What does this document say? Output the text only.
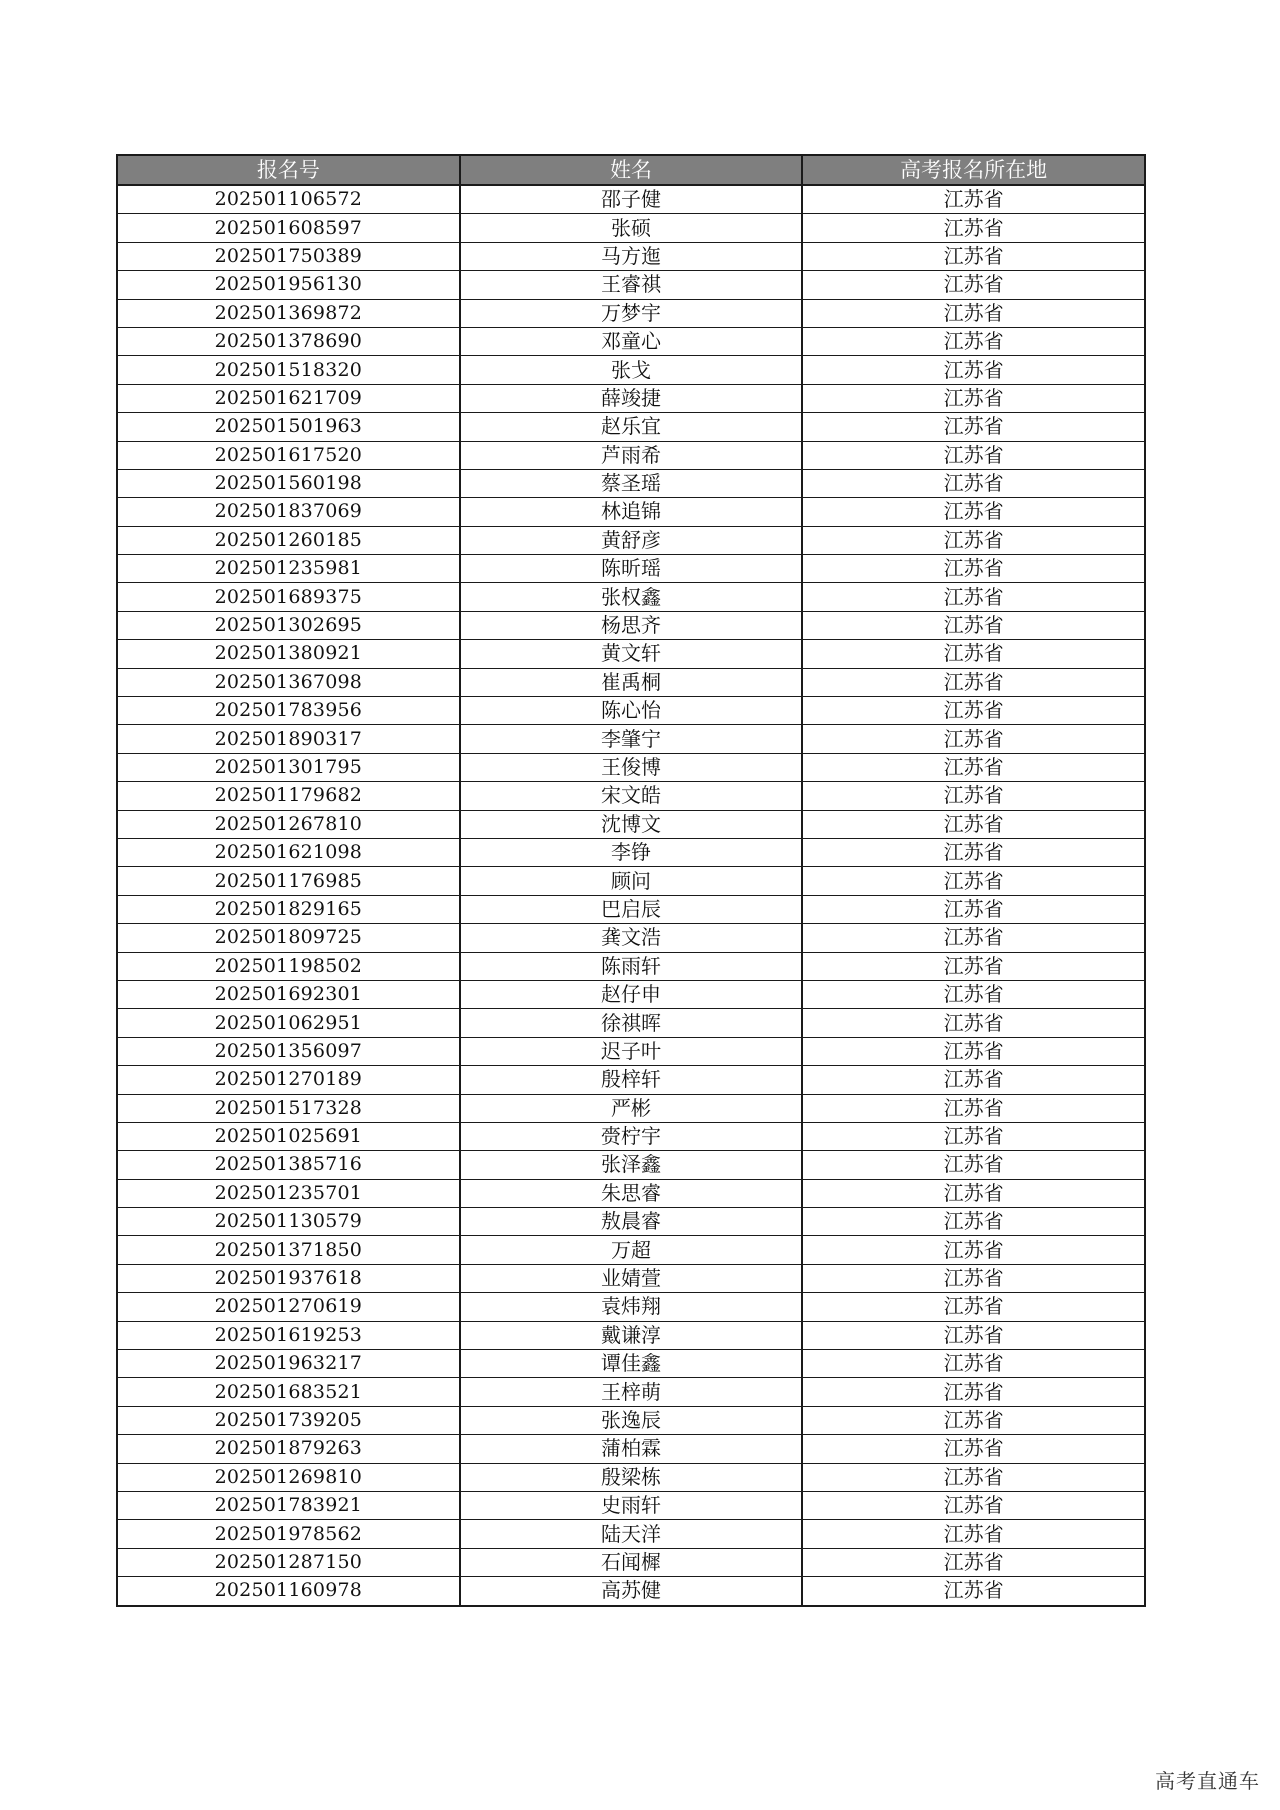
报名号	姓名	高考报名所在地
202501106572	邵子健	江苏省
202501608597	张硕	江苏省
202501750389	马方迤	江苏省
202501956130	王睿祺	江苏省
202501369872	万梦宇	江苏省
202501378690	邓童心	江苏省
202501518320	张戈	江苏省
202501621709	薛竣捷	江苏省
202501501963	赵乐宜	江苏省
202501617520	芦雨希	江苏省
202501560198	蔡圣瑶	江苏省
202501837069	林追锦	江苏省
202501260185	黄舒彦	江苏省
202501235981	陈昕瑶	江苏省
202501689375	张权鑫	江苏省
202501302695	杨思齐	江苏省
202501380921	黄文轩	江苏省
202501367098	崔禹桐	江苏省
202501783956	陈心怡	江苏省
202501890317	李肇宁	江苏省
202501301795	王俊博	江苏省
202501179682	宋文皓	江苏省
202501267810	沈博文	江苏省
202501621098	李铮	江苏省
202501176985	顾问	江苏省
202501829165	巴启辰	江苏省
202501809725	龚文浩	江苏省
202501198502	陈雨轩	江苏省
202501692301	赵仔申	江苏省
202501062951	徐祺晖	江苏省
202501356097	迟子叶	江苏省
202501270189	殷梓轩	江苏省
202501517328	严彬	江苏省
202501025691	赍柠宇	江苏省
202501385716	张泽鑫	江苏省
202501235701	朱思睿	江苏省
202501130579	敖晨睿	江苏省
202501371850	万超	江苏省
202501937618	业婧萱	江苏省
202501270619	袁炜翔	江苏省
202501619253	戴谦淳	江苏省
202501963217	谭佳鑫	江苏省
202501683521	王梓萌	江苏省
202501739205	张逸辰	江苏省
202501879263	蒲柏霖	江苏省
202501269810	殷梁栋	江苏省
202501783921	史雨轩	江苏省
202501978562	陆天洋	江苏省
202501287150	石闻樨	江苏省
202501160978	高苏健	江苏省
高考直通车
